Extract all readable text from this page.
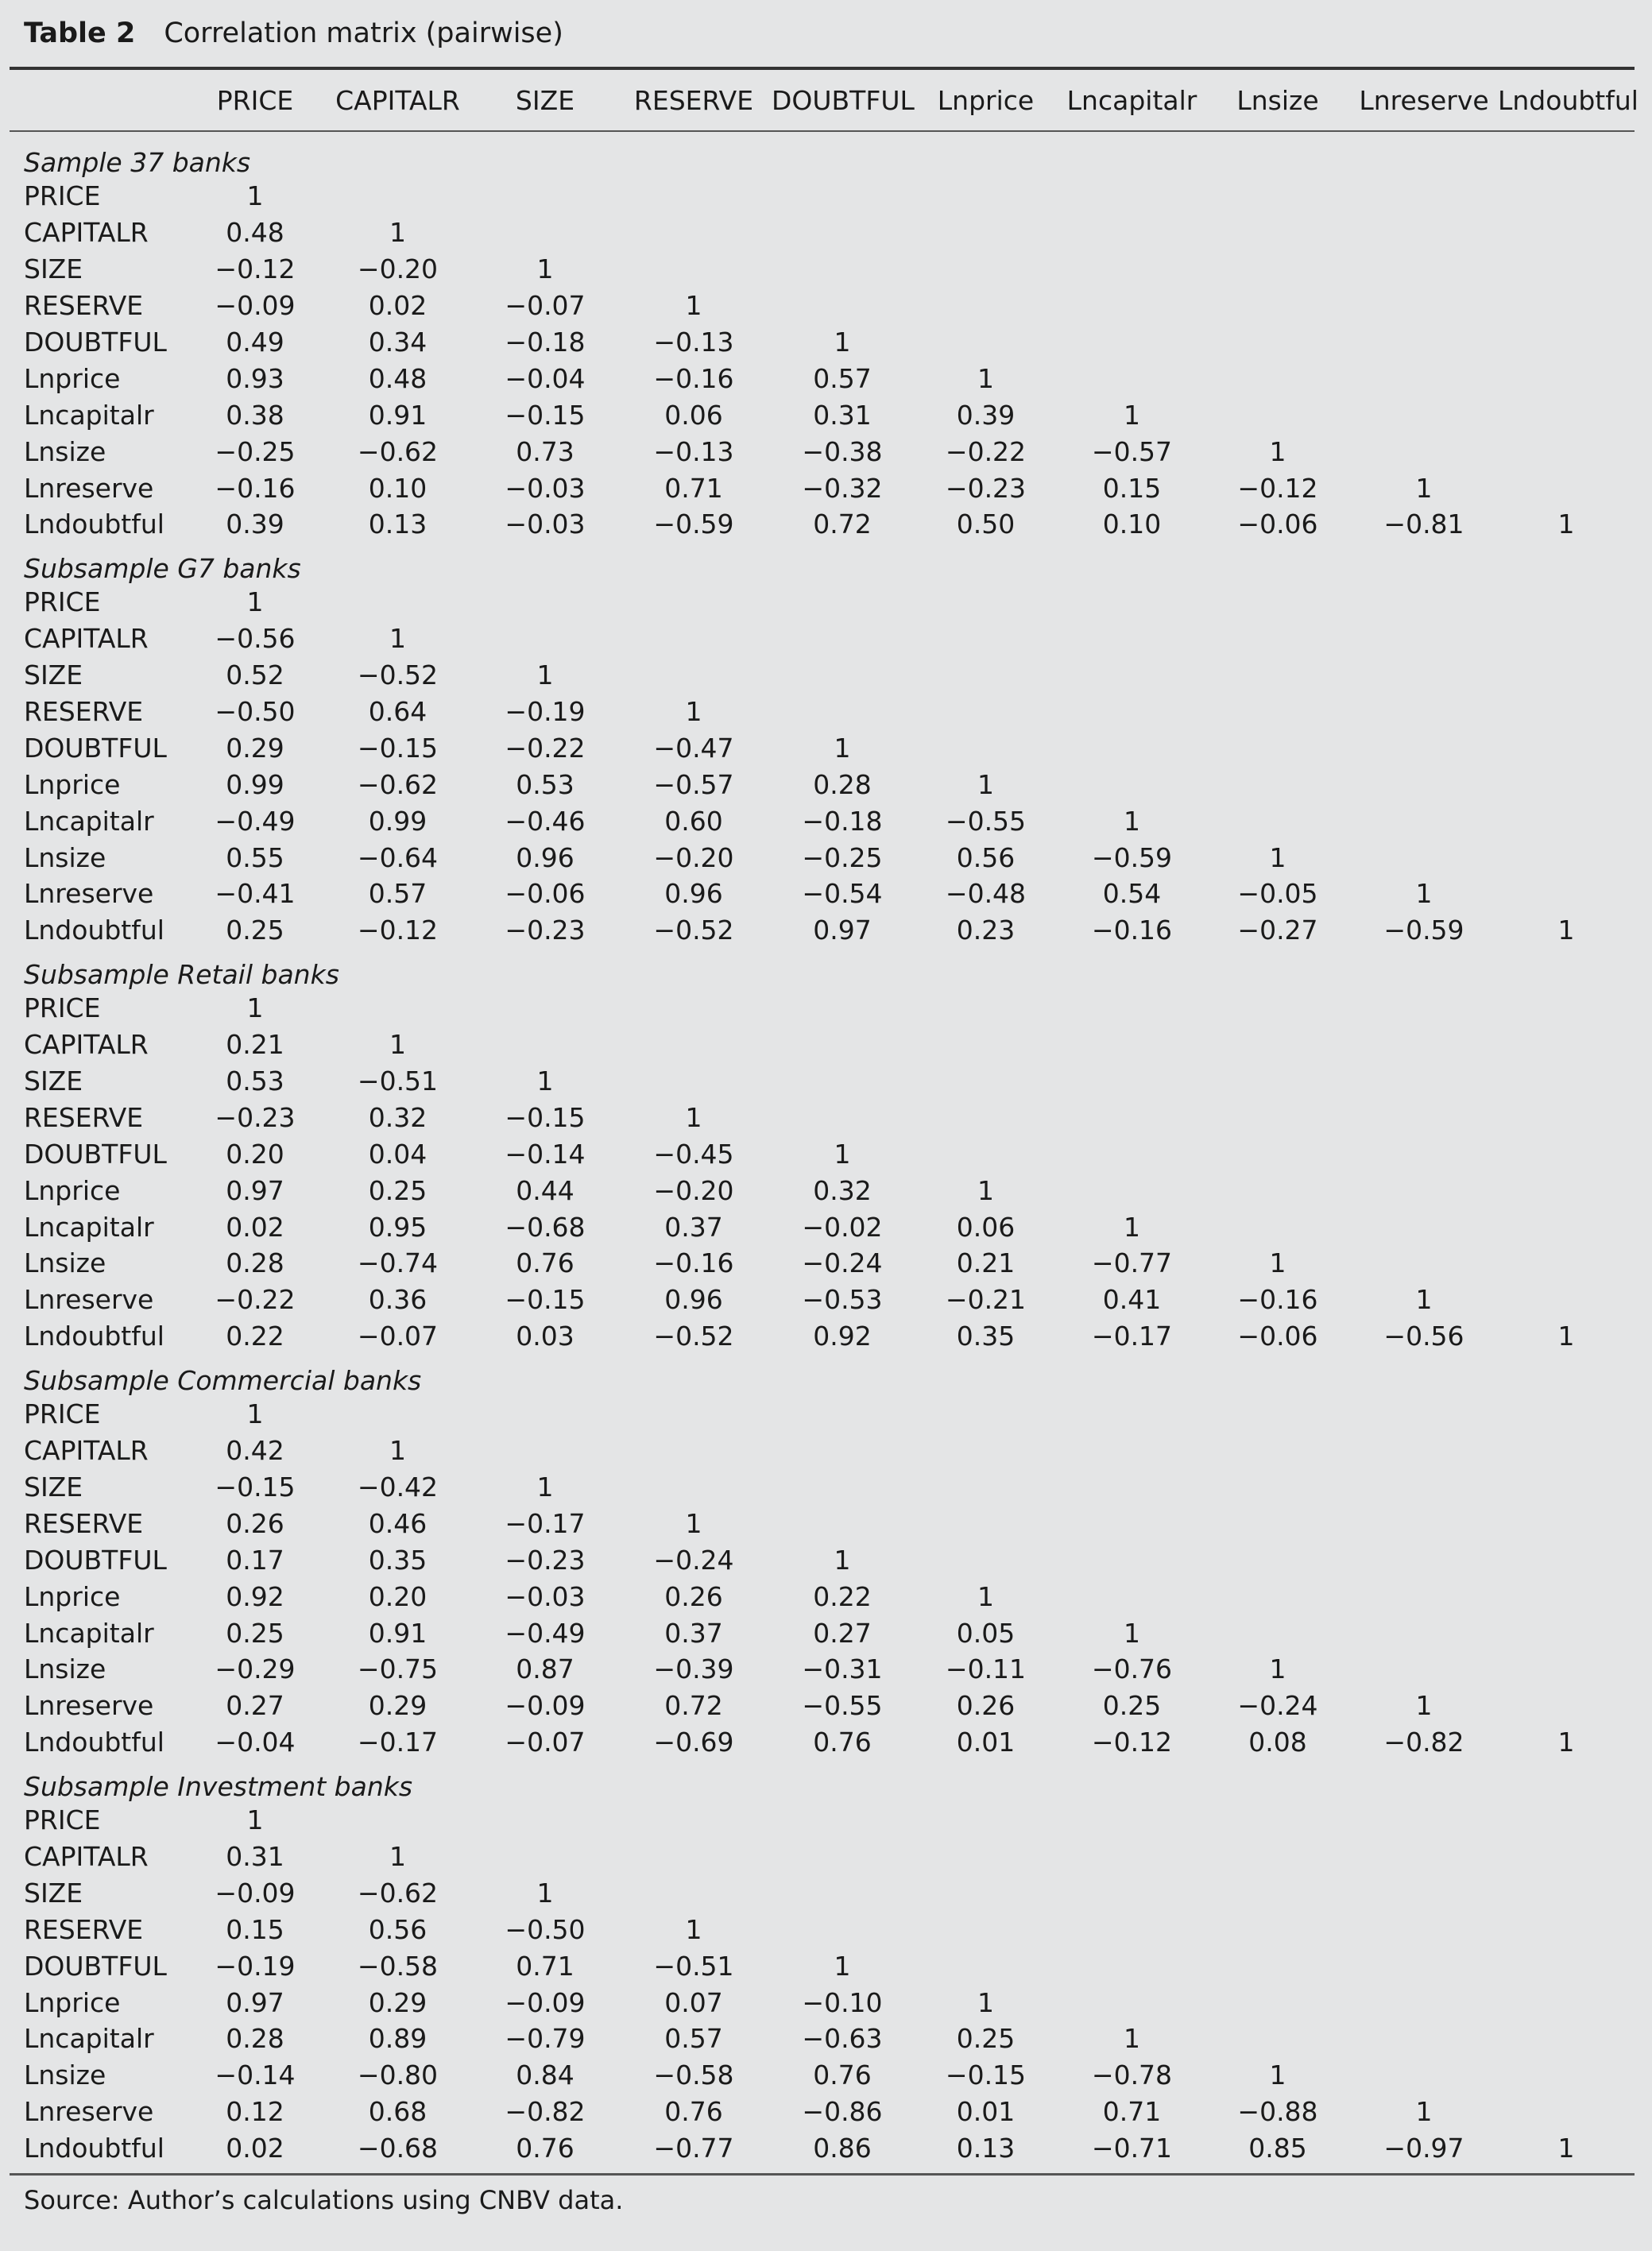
Table 2 Correlation matrix (pairwise)
	PRICE	CAPITALR	SIZE	RESERVE	DOUBTFUL	Lnprice	Lncapitalr	Lnsize	Lnreserve	Lndoubtful
Sample 37 banks										
PRICE	1									
CAPITALR	0.48	1								
SIZE	−0.12	−0.20	1							
RESERVE	−0.09	0.02	−0.07	1						
DOUBTFUL	0.49	0.34	−0.18	−0.13	1					
Lnprice	0.93	0.48	−0.04	−0.16	0.57	1				
Lncapitalr	0.38	0.91	−0.15	0.06	0.31	0.39	1			
Lnsize	−0.25	−0.62	0.73	−0.13	−0.38	−0.22	−0.57	1		
Lnreserve	−0.16	0.10	−0.03	0.71	−0.32	−0.23	0.15	−0.12	1	
Lndoubtful	0.39	0.13	−0.03	−0.59	0.72	0.50	0.10	−0.06	−0.81	1
Subsample G7 banks										
PRICE	1									
CAPITALR	−0.56	1								
SIZE	0.52	−0.52	1							
RESERVE	−0.50	0.64	−0.19	1						
DOUBTFUL	0.29	−0.15	−0.22	−0.47	1					
Lnprice	0.99	−0.62	0.53	−0.57	0.28	1				
Lncapitalr	−0.49	0.99	−0.46	0.60	−0.18	−0.55	1			
Lnsize	0.55	−0.64	0.96	−0.20	−0.25	0.56	−0.59	1		
Lnreserve	−0.41	0.57	−0.06	0.96	−0.54	−0.48	0.54	−0.05	1	
Lndoubtful	0.25	−0.12	−0.23	−0.52	0.97	0.23	−0.16	−0.27	−0.59	1
Subsample Retail banks										
PRICE	1									
CAPITALR	0.21	1								
SIZE	0.53	−0.51	1							
RESERVE	−0.23	0.32	−0.15	1						
DOUBTFUL	0.20	0.04	−0.14	−0.45	1					
Lnprice	0.97	0.25	0.44	−0.20	0.32	1				
Lncapitalr	0.02	0.95	−0.68	0.37	−0.02	0.06	1			
Lnsize	0.28	−0.74	0.76	−0.16	−0.24	0.21	−0.77	1		
Lnreserve	−0.22	0.36	−0.15	0.96	−0.53	−0.21	0.41	−0.16	1	
Lndoubtful	0.22	−0.07	0.03	−0.52	0.92	0.35	−0.17	−0.06	−0.56	1
Subsample Commercial banks										
PRICE	1									
CAPITALR	0.42	1								
SIZE	−0.15	−0.42	1							
RESERVE	0.26	0.46	−0.17	1						
DOUBTFUL	0.17	0.35	−0.23	−0.24	1					
Lnprice	0.92	0.20	−0.03	0.26	0.22	1				
Lncapitalr	0.25	0.91	−0.49	0.37	0.27	0.05	1			
Lnsize	−0.29	−0.75	0.87	−0.39	−0.31	−0.11	−0.76	1		
Lnreserve	0.27	0.29	−0.09	0.72	−0.55	0.26	0.25	−0.24	1	
Lndoubtful	−0.04	−0.17	−0.07	−0.69	0.76	0.01	−0.12	0.08	−0.82	1
Subsample Investment banks										
PRICE	1									
CAPITALR	0.31	1								
SIZE	−0.09	−0.62	1							
RESERVE	0.15	0.56	−0.50	1						
DOUBTFUL	−0.19	−0.58	0.71	−0.51	1					
Lnprice	0.97	0.29	−0.09	0.07	−0.10	1				
Lncapitalr	0.28	0.89	−0.79	0.57	−0.63	0.25	1			
Lnsize	−0.14	−0.80	0.84	−0.58	0.76	−0.15	−0.78	1		
Lnreserve	0.12	0.68	−0.82	0.76	−0.86	0.01	0.71	−0.88	1	
Lndoubtful	0.02	−0.68	0.76	−0.77	0.86	0.13	−0.71	0.85	−0.97	1
Source: Author’s calculations using CNBV data.
